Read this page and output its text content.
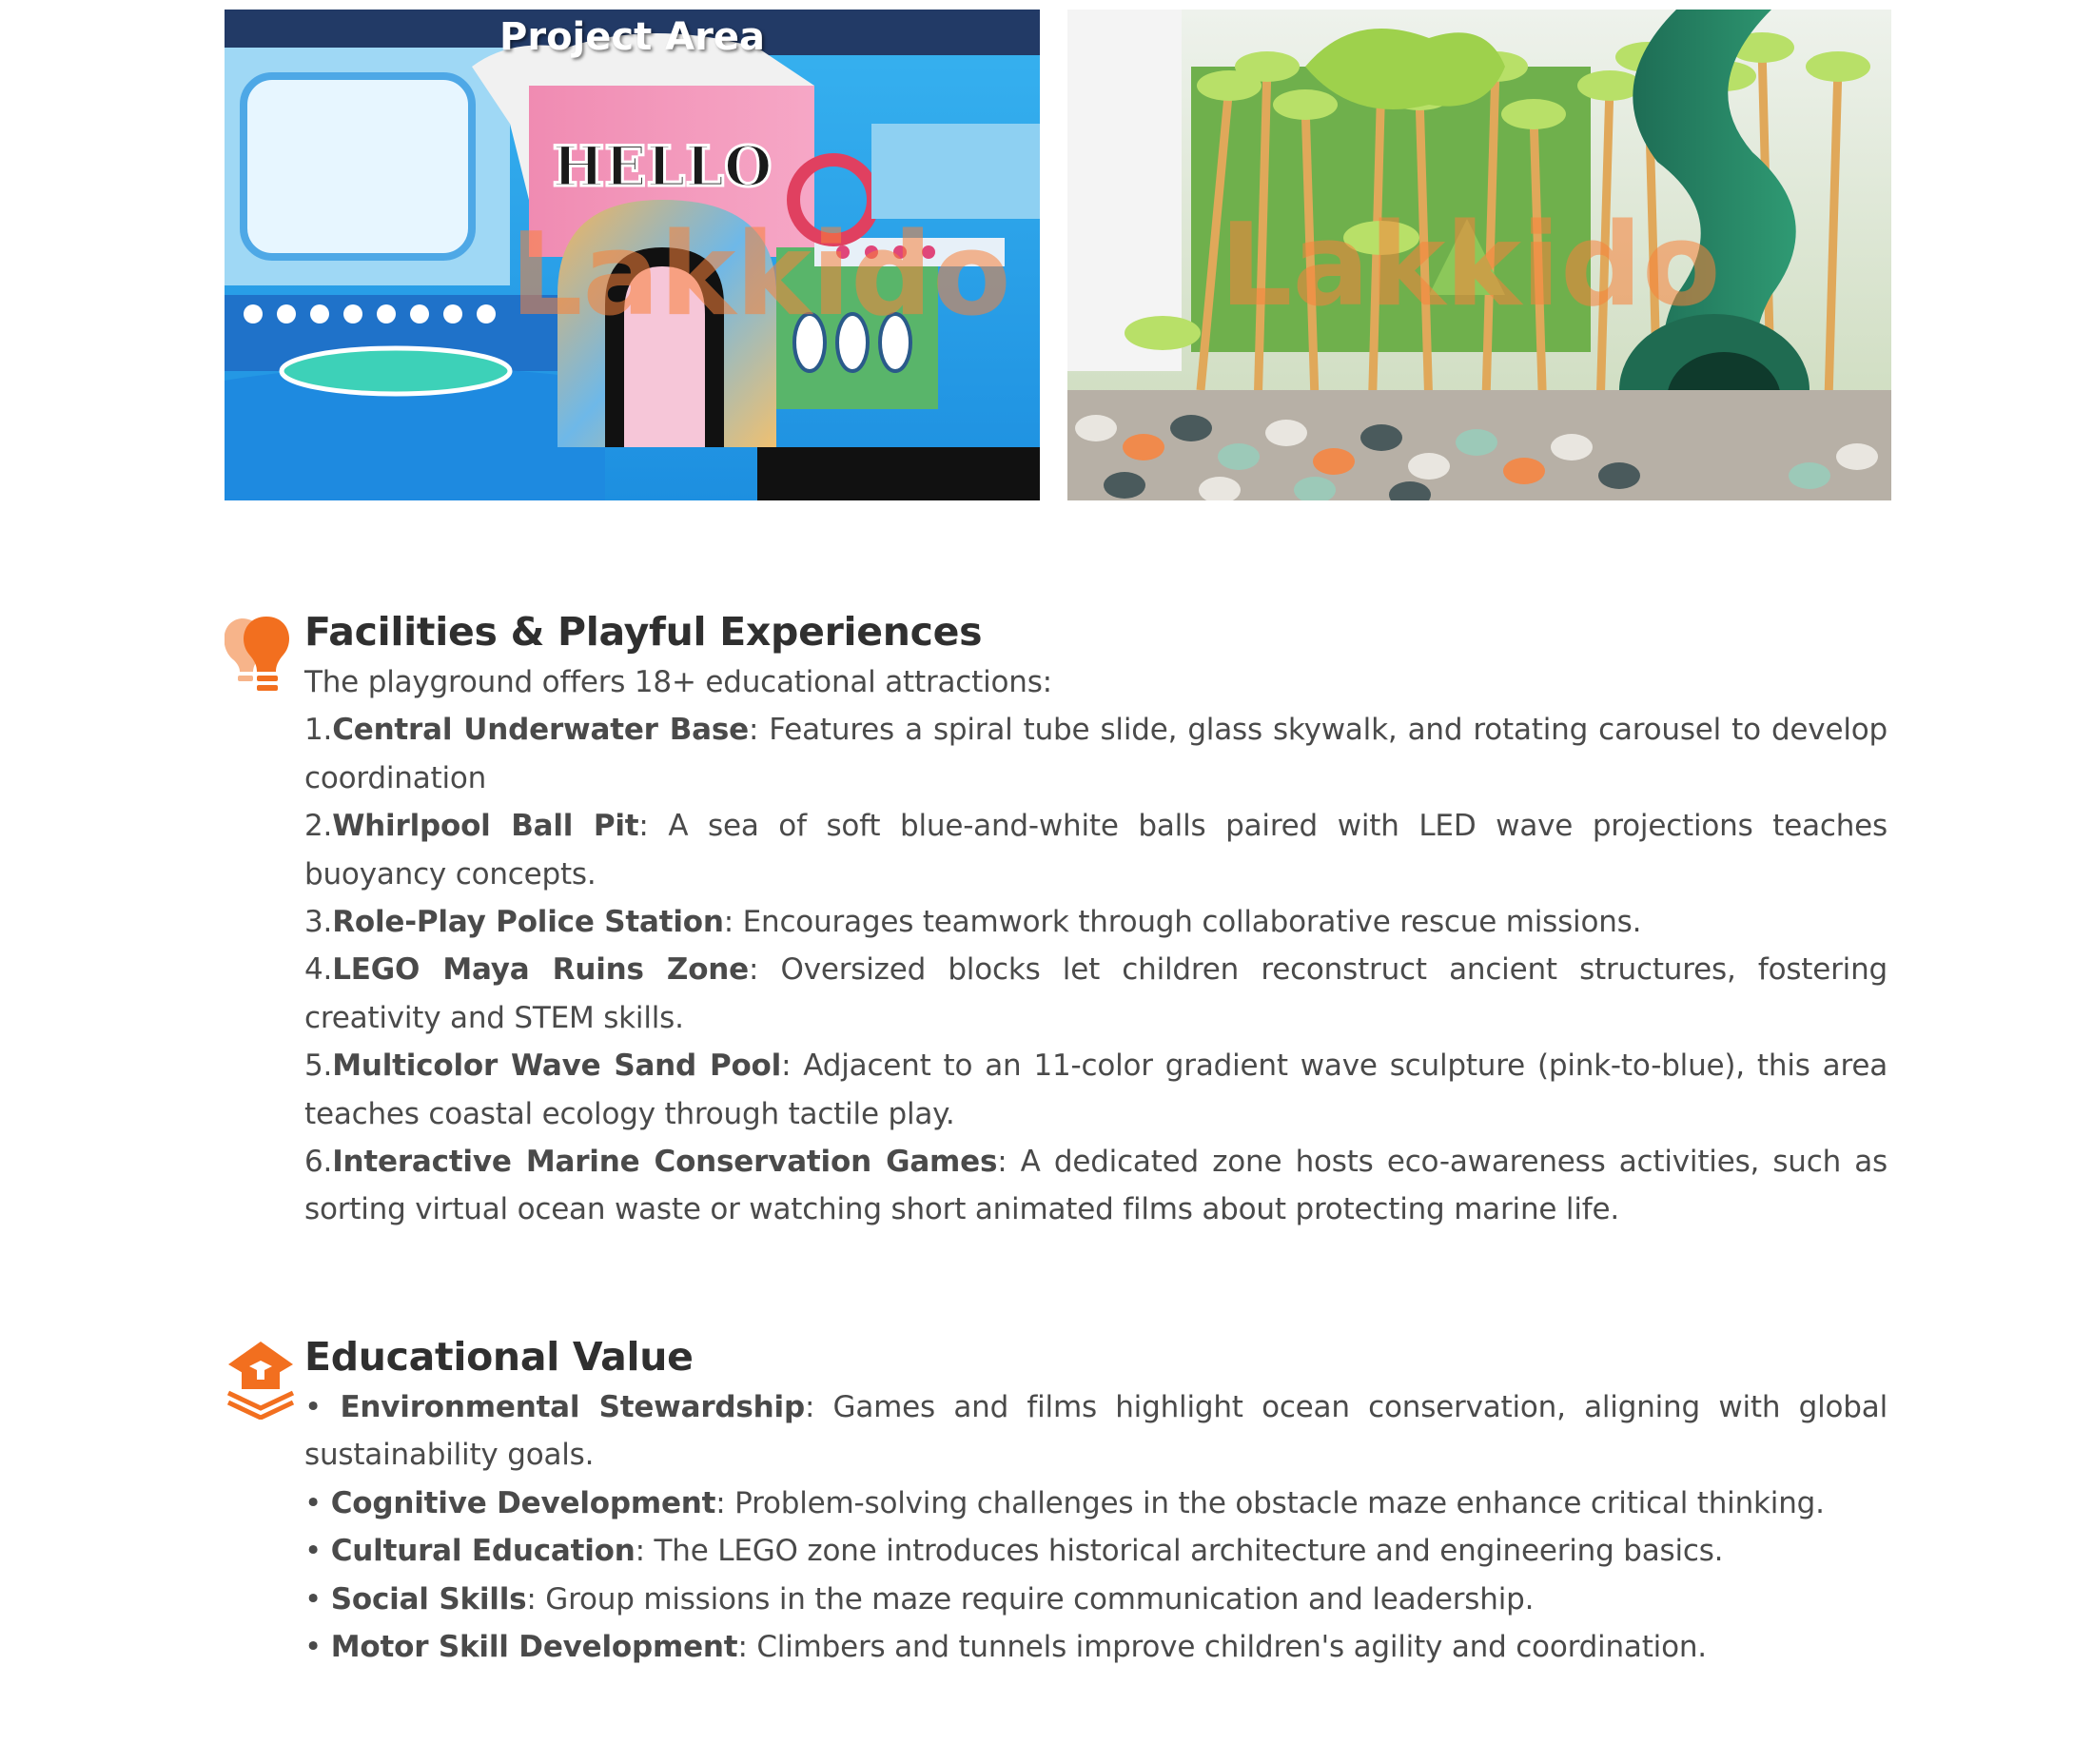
HELLO
Lakkido
Project Area
Lakkido
Facilities & Playful Experiences
The playground offers 18+ educational attractions:
1.Central Underwater Base: Features a spiral tube slide, glass skywalk, and rotating carousel to develop coordination
2.Whirlpool Ball Pit: A sea of soft blue-and-white balls paired with LED wave projections teaches buoyancy concepts.
3.Role-Play Police Station: Encourages teamwork through collaborative rescue missions.
4.LEGO Maya Ruins Zone: Oversized blocks let children reconstruct ancient structures, fostering creativity and STEM skills.
5.Multicolor Wave Sand Pool: Adjacent to an 11-color gradient wave sculpture (pink-to-blue), this area teaches coastal ecology through tactile play.
6.Interactive Marine Conservation Games: A dedicated zone hosts eco-awareness activities, such as sorting virtual ocean waste or watching short animated films about protecting marine life.
Educational Value
• Environmental Stewardship: Games and films highlight ocean conservation, aligning with global sustainability goals.
• Cognitive Development: Problem-solving challenges in the obstacle maze enhance critical thinking.
• Cultural Education: The LEGO zone introduces historical architecture and engineering basics.
• Social Skills: Group missions in the maze require communication and leadership.
• Motor Skill Development: Climbers and tunnels improve children's agility and coordination.
